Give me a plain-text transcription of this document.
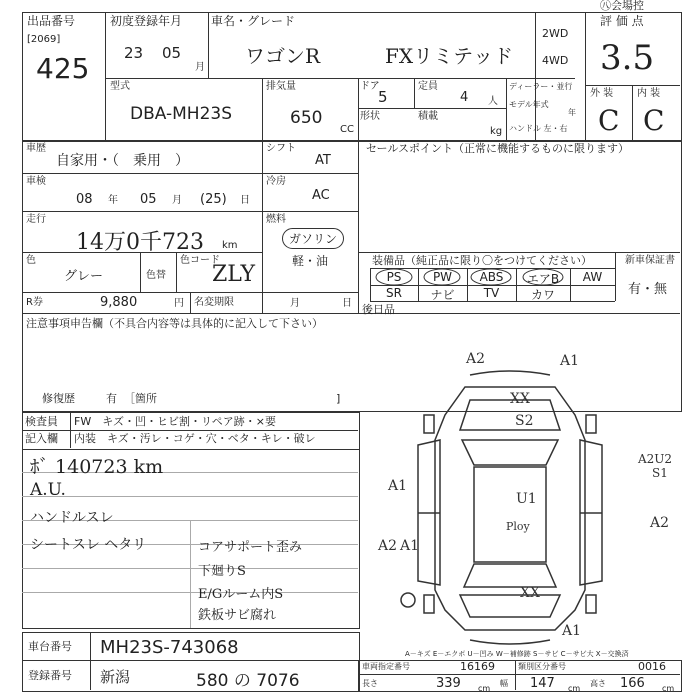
出品番号
[2069]
425
初度登録年月
23 05
月
車名・グレード
ワゴンR	FXリミテッド
2WD
4WD
評 価 点
3.5
外 装 内 装
C C
㊇会場控
型式
DBA-MH23S
排気量
650
CC
ドア
5
定員
4 人
形状	積載
kg
ディーラー・並行
モデル年式
年
ハンドル 左・右
車歴
自家用・（　乗用　）
シフト
AT
車検
08 年 05 月 (25) 日
冷房
AC
走行
14万0千723 km
燃料
ガソリン
軽・油
色
グレー	色替
色コード
ZLY
R券	9,880	円 名変期限	月	日
セールスポイント（正常に機能するものに限ります）
装備品（純正品に限り〇をつけてください）	新車保証書
有・無
PS	PW	ABS	エアB	AW
SR	ナビ	TV	カワ
後日品
注意事項申告欄（不具合内容等は具体的に記入して下さい）
修復歴	有 ［箇所	]
検査員
記入欄
FW　キズ・凹・ヒビ割・リペア跡・×要
内装　キズ・汚レ・コゲ・穴・ベタ・キレ・破レ
ﾎﾞ 140723 km
A.U.
ハンドルスレ
シートスレ ヘタリ	コアサポート歪み
下廻りS
E/Gルーム内S
鉄板サビ腐れ
A2	A1
XX
S2
A2U2
S1
A1
U1
Ploy	A2
A1
A2
XX
A1
A－キズ E－エクボ U－凹み W－補修跡 S－サビ C－サビ大 X－交換済
車台番号 MH23S-743068
登録番号 新潟	580 の 7076
車両指定番号	16169	類別区分番号	0016
長さ	339 cm
幅 147 cm
高さ 166 cm
